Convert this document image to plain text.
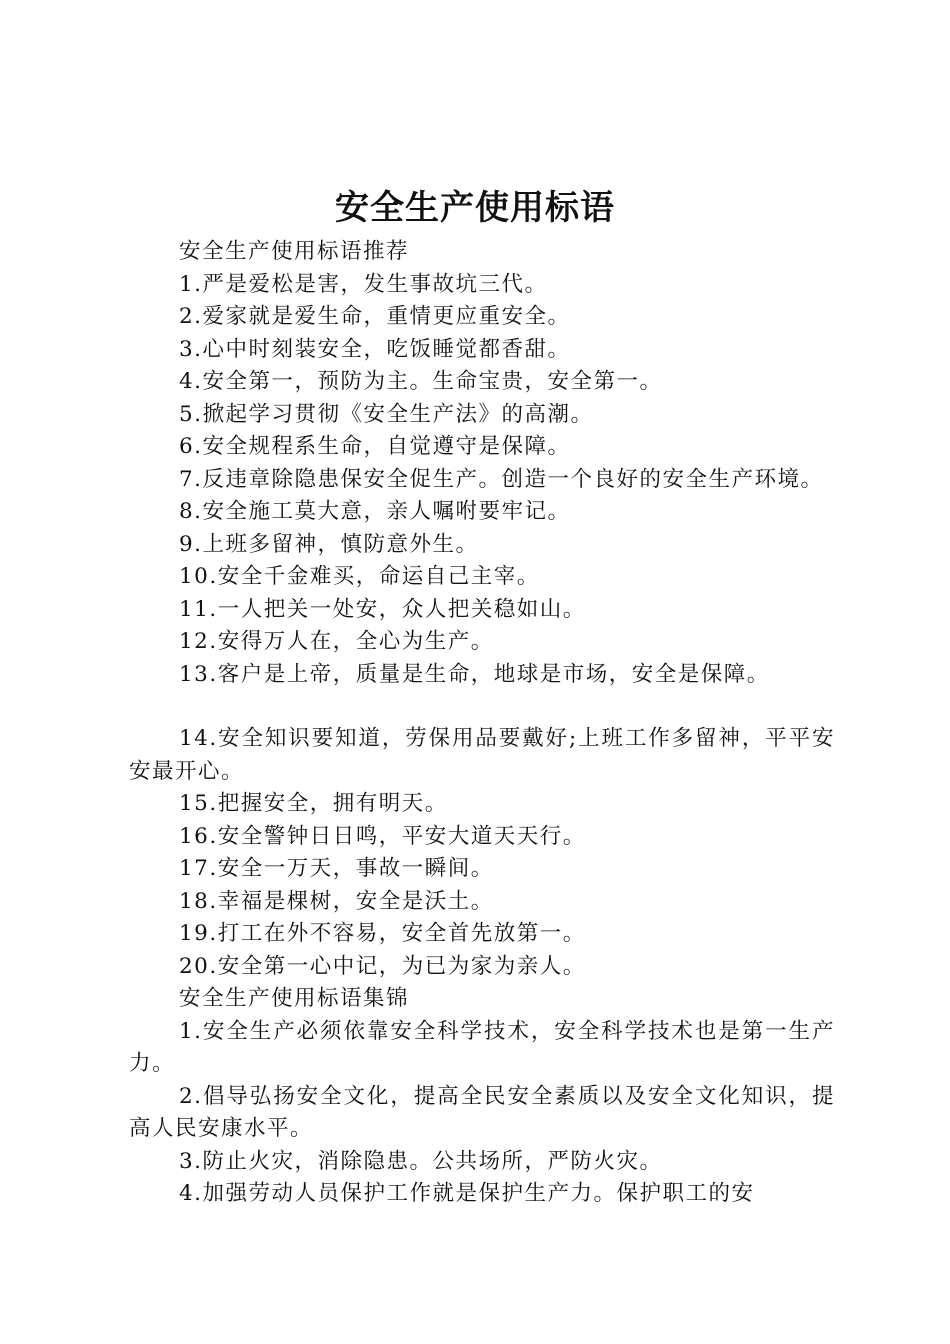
安全生产使用标语

安全生产使用标语推荐

1.严是爱松是害，发生事故坑三代。

2.爱家就是爱生命，重情更应重安全。

3.心中时刻装安全，吃饭睡觉都香甜。

4.安全第一，预防为主。生命宝贵，安全第一。

5.掀起学习贯彻《安全生产法》的高潮。

6.安全规程系生命，自觉遵守是保障。

7.反违章除隐患保安全促生产。创造一个良好的安全生产环境。

8.安全施工莫大意，亲人嘱咐要牢记。

9.上班多留神，慎防意外生。

10.安全千金难买，命运自己主宰。

11.一人把关一处安，众人把关稳如山。

12.安得万人在，全心为生产。

13.客户是上帝，质量是生命，地球是市场，安全是保障。

14.安全知识要知道，劳保用品要戴好;上班工作多留神，平平安安最开心。

15.把握安全，拥有明天。

16.安全警钟日日鸣，平安大道天天行。

17.安全一万天，事故一瞬间。

18.幸福是棵树，安全是沃土。

19.打工在外不容易，安全首先放第一。

20.安全第一心中记，为已为家为亲人。

安全生产使用标语集锦

1.安全生产必须依靠安全科学技术，安全科学技术也是第一生产力。

2.倡导弘扬安全文化，提高全民安全素质以及安全文化知识，提高人民安康水平。

3.防止火灾，消除隐患。公共场所，严防火灾。

4.加强劳动人员保护工作就是保护生产力。保护职工的安
